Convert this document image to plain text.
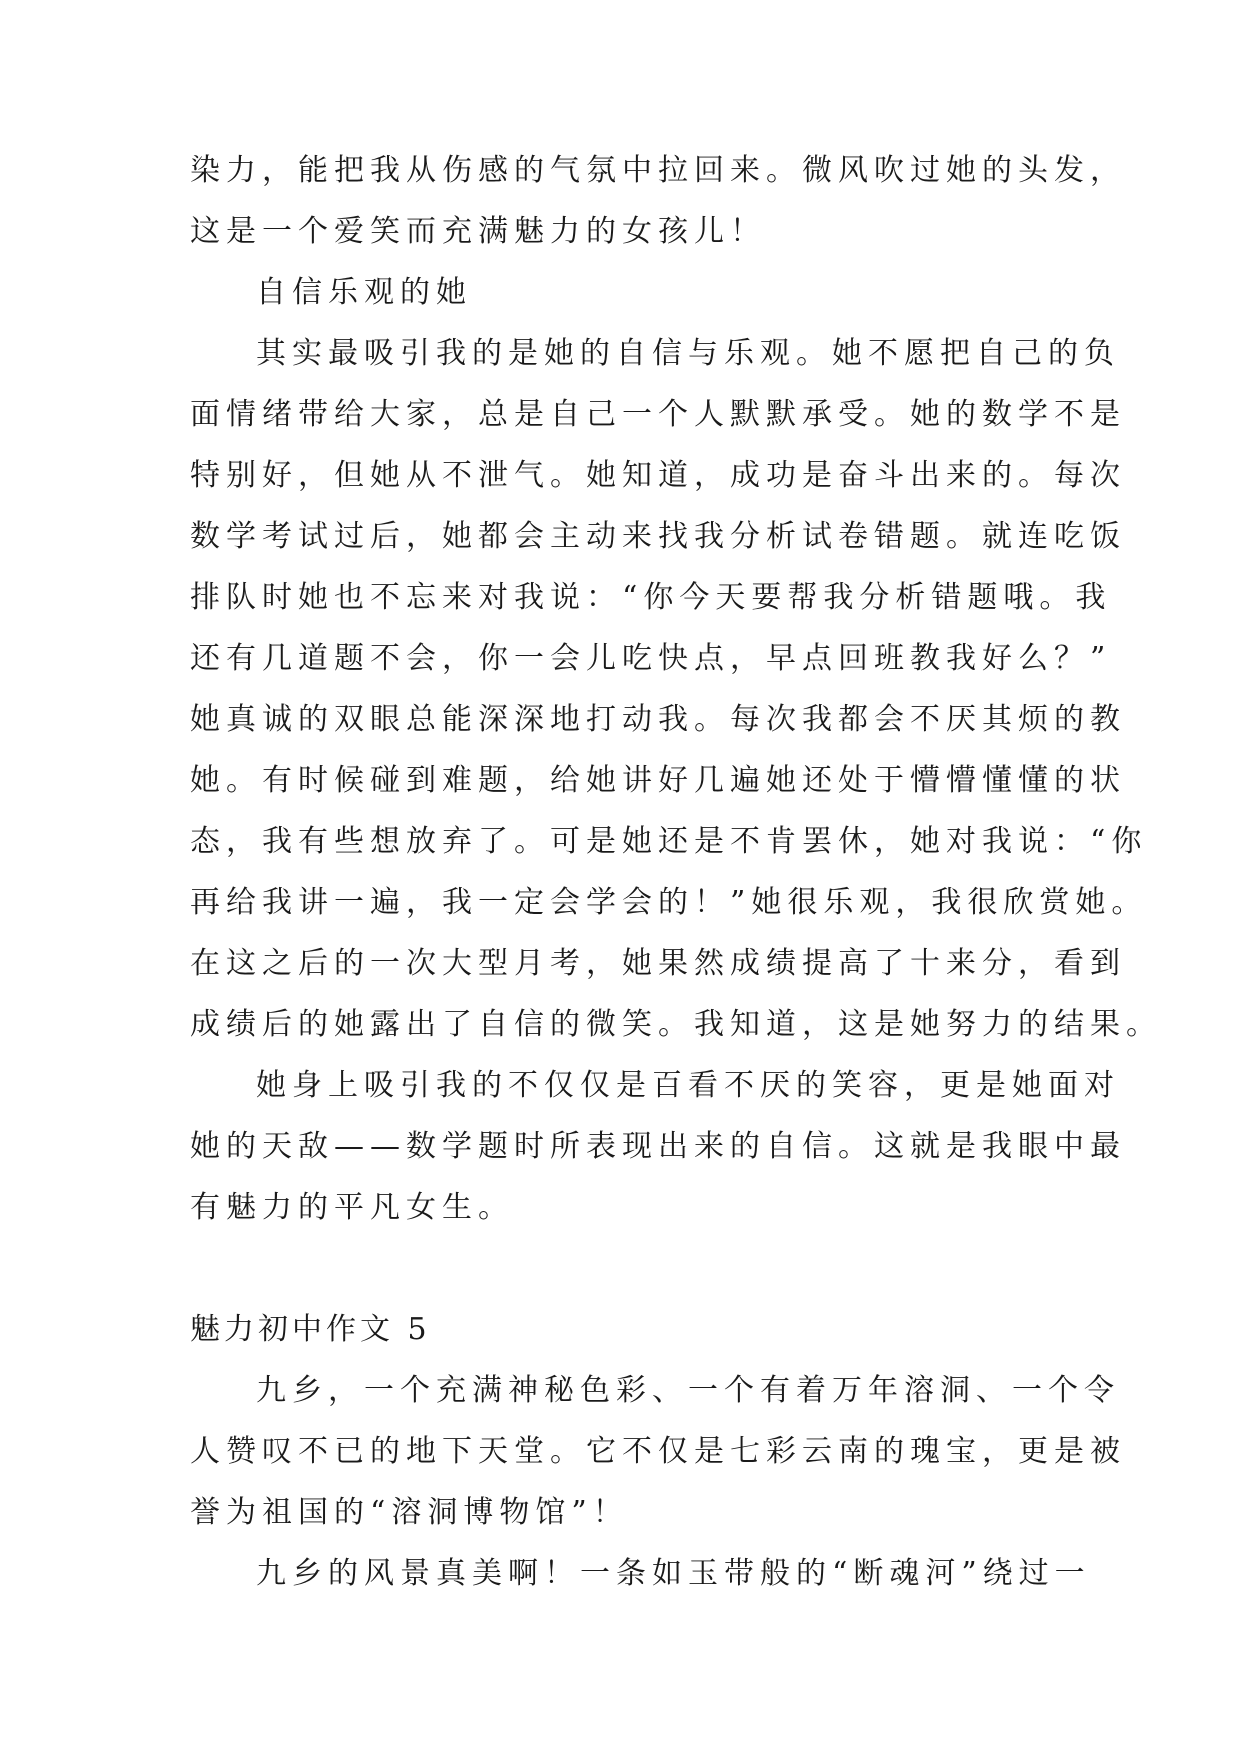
染力，能把我从伤感的气氛中拉回来。微风吹过她的头发，
这是一个爱笑而充满魅力的女孩儿！
自信乐观的她
其实最吸引我的是她的自信与乐观。她不愿把自己的负
面情绪带给大家，总是自己一个人默默承受。她的数学不是
特别好，但她从不泄气。她知道，成功是奋斗出来的。每次
数学考试过后，她都会主动来找我分析试卷错题。就连吃饭
排队时她也不忘来对我说：“你今天要帮我分析错题哦。我
还有几道题不会，你一会儿吃快点，早点回班教我好么？”
她真诚的双眼总能深深地打动我。每次我都会不厌其烦的教
她。有时候碰到难题，给她讲好几遍她还处于懵懵懂懂的状
态，我有些想放弃了。可是她还是不肯罢休，她对我说：“你
再给我讲一遍，我一定会学会的！”她很乐观，我很欣赏她。
在这之后的一次大型月考，她果然成绩提高了十来分，看到
成绩后的她露出了自信的微笑。我知道，这是她努力的结果。
她身上吸引我的不仅仅是百看不厌的笑容，更是她面对
她的天敌——数学题时所表现出来的自信。这就是我眼中最
有魅力的平凡女生。
魅力初中作文 5
九乡，一个充满神秘色彩、一个有着万年溶洞、一个令
人赞叹不已的地下天堂。它不仅是七彩云南的瑰宝，更是被
誉为祖国的“溶洞博物馆”！
九乡的风景真美啊！一条如玉带般的“断魂河”绕过一
